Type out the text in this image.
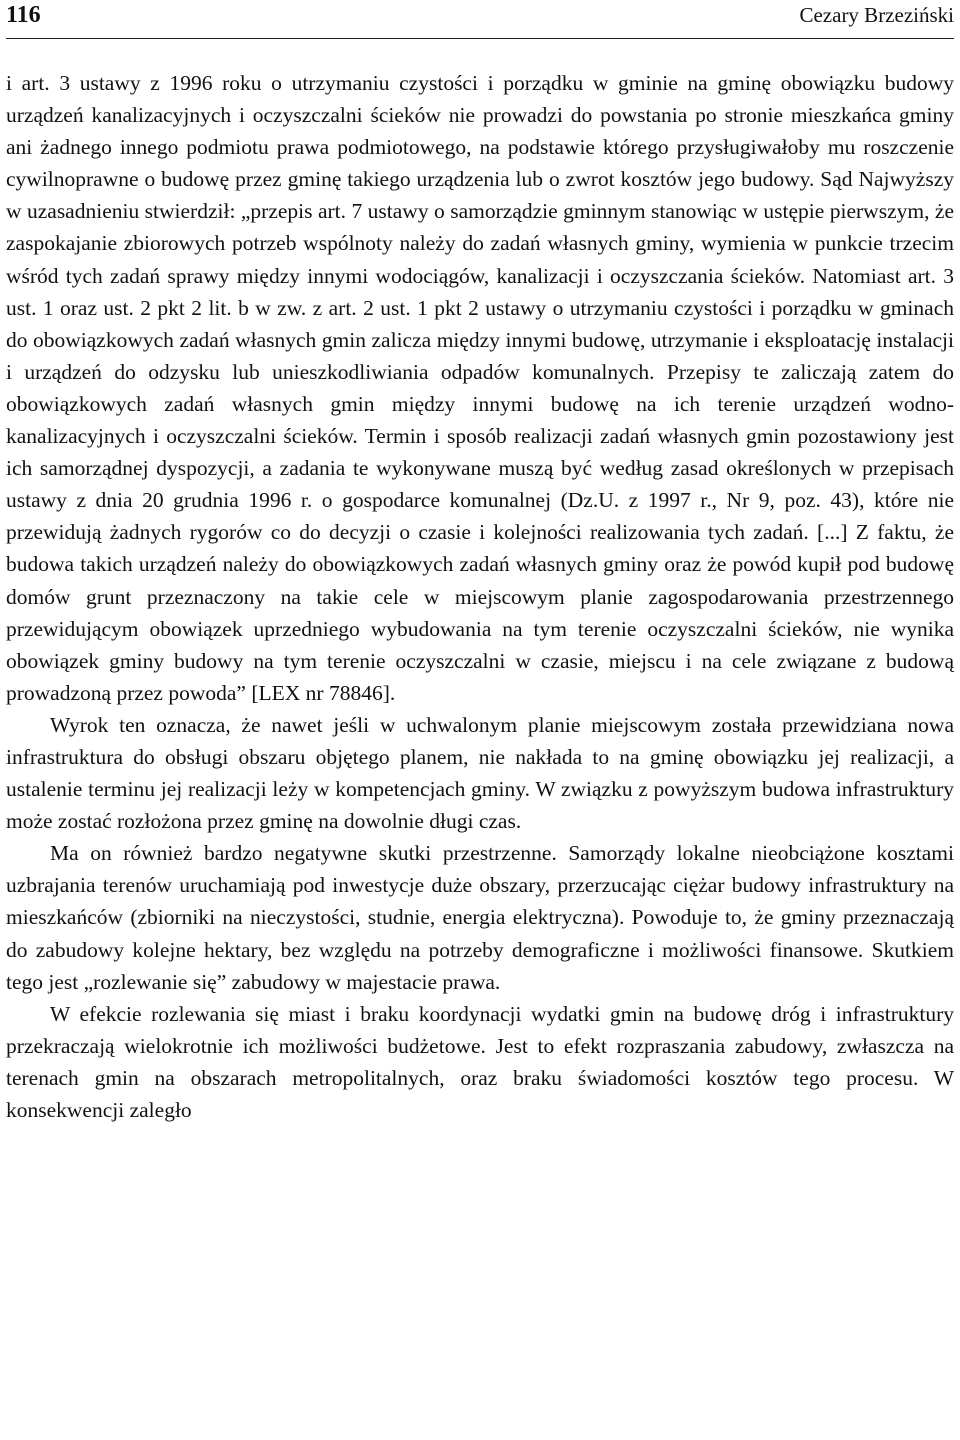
116	Cezary Brzeziński

i art. 3 ustawy z 1996 roku o utrzymaniu czystości i porządku w gminie na gminę obowiązku budowy urządzeń kanalizacyjnych i oczyszczalni ścieków nie prowadzi do powstania po stronie mieszkańca gminy ani żadnego innego podmiotu prawa podmiotowego, na podstawie którego przysługiwałoby mu roszczenie cywilnoprawne o budowę przez gminę takiego urządzenia lub o zwrot kosztów jego budowy. Sąd Najwyższy w uzasadnieniu stwierdził: „przepis art. 7 ustawy o samorządzie gminnym stanowiąc w ustępie pierwszym, że zaspokajanie zbiorowych potrzeb wspólnoty należy do zadań własnych gminy, wymienia w punkcie trzecim wśród tych zadań sprawy między innymi wodociągów, kanalizacji i oczyszczania ścieków. Natomiast art. 3 ust. 1 oraz ust. 2 pkt 2 lit. b w zw. z art. 2 ust. 1 pkt 2 ustawy o utrzymaniu czystości i porządku w gminach do obowiązkowych zadań własnych gmin zalicza między innymi budowę, utrzymanie i eksploatację instalacji i urządzeń do odzysku lub unieszkodliwiania odpadów komunalnych. Przepisy te zaliczają zatem do obowiązkowych zadań własnych gmin między innymi budowę na ich terenie urządzeń wodno-kanalizacyjnych i oczyszczalni ścieków. Termin i sposób realizacji zadań własnych gmin pozostawiony jest ich samorządnej dyspozycji, a zadania te wykonywane muszą być według zasad określonych w przepisach ustawy z dnia 20 grudnia 1996 r. o gospodarce komunalnej (Dz.U. z 1997 r., Nr 9, poz. 43), które nie przewidują żadnych rygorów co do decyzji o czasie i kolejności realizowania tych zadań. [...] Z faktu, że budowa takich urządzeń należy do obowiązkowych zadań własnych gminy oraz że powód kupił pod budowę domów grunt przeznaczony na takie cele w miejscowym planie zagospodarowania przestrzennego przewidującym obowiązek uprzedniego wybudowania na tym terenie oczyszczalni ścieków, nie wynika obowiązek gminy budowy na tym terenie oczyszczalni w czasie, miejscu i na cele związane z budową prowadzoną przez powoda” [LEX nr 78846].

Wyrok ten oznacza, że nawet jeśli w uchwalonym planie miejscowym została przewidziana nowa infrastruktura do obsługi obszaru objętego planem, nie nakłada to na gminę obowiązku jej realizacji, a ustalenie terminu jej realizacji leży w kompetencjach gminy. W związku z powyższym budowa infrastruktury może zostać rozłożona przez gminę na dowolnie długi czas.

Ma on również bardzo negatywne skutki przestrzenne. Samorządy lokalne nieobciążone kosztami uzbrajania terenów uruchamiają pod inwestycje duże obszary, przerzucając ciężar budowy infrastruktury na mieszkańców (zbiorniki na nieczystości, studnie, energia elektryczna). Powoduje to, że gminy przeznaczają do zabudowy kolejne hektary, bez względu na potrzeby demograficzne i możliwości finansowe. Skutkiem tego jest „rozlewanie się” zabudowy w majestacie prawa.

W efekcie rozlewania się miast i braku koordynacji wydatki gmin na budowę dróg i infrastruktury przekraczają wielokrotnie ich możliwości budżetowe. Jest to efekt rozpraszania zabudowy, zwłaszcza na terenach gmin na obszarach metropolitalnych, oraz braku świadomości kosztów tego procesu. W konsekwencji zaległo
